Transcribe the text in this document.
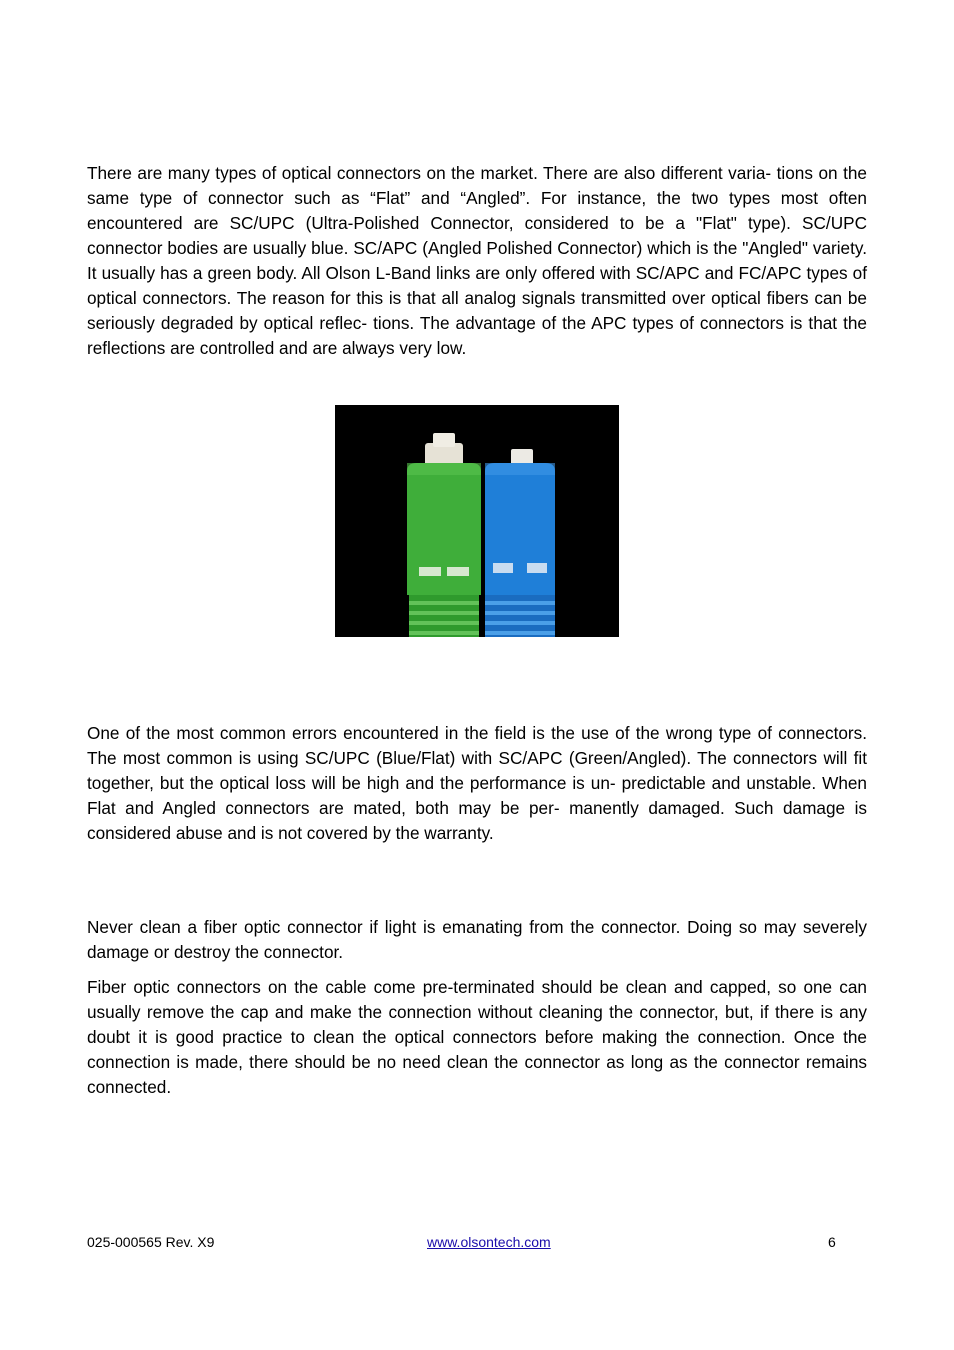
There are many types of optical connectors on the market. There are also different varia- tions on the same type of connector such as “Flat” and “Angled”. For instance, the two types most often encountered are SC/UPC (Ultra-Polished Connector, considered to be a "Flat" type). SC/UPC connector bodies are usually blue. SC/APC (Angled Polished Connector) which is the "Angled" variety. It usually has a green body. All Olson L-Band links are only offered with SC/APC and FC/APC types of optical connectors. The reason for this is that all analog signals transmitted over optical fibers can be seriously degraded by optical reflec- tions. The advantage of the APC types of connectors is that the reflections are controlled and are always very low.

One of the most common errors encountered in the field is the use of the wrong type of connectors. The most common is using SC/UPC (Blue/Flat) with SC/APC (Green/Angled). The connectors will fit together, but the optical loss will be high and the performance is un- predictable and unstable. When Flat and Angled connectors are mated, both may be per- manently damaged. Such damage is considered abuse and is not covered by the warranty.

Never clean a fiber optic connector if light is emanating from the connector. Doing so may severely damage or destroy the connector.

Fiber optic connectors on the cable come pre-terminated should be clean and capped, so one can usually remove the cap and make the connection without cleaning the connector, but, if there is any doubt it is good practice to clean the optical connectors before making the connection. Once the connection is made, there should be no need clean the connector as long as the connector remains connected.

025-000565 Rev. X9	www.olsontech.com	6
